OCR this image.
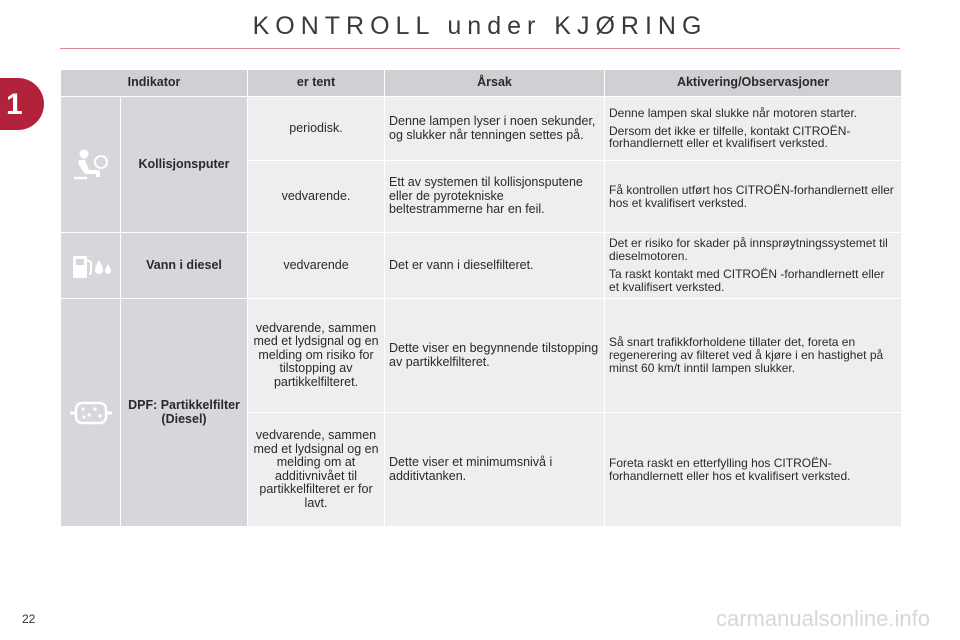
KONTROLL under KJØRING
1
Indikator		er tent	Årsak	Aktivering/Observasjoner

	Kollisjonsputer	periodisk.	Denne lampen lyser i noen sekunder, og slukker når tenningen settes på.	Denne lampen skal slukke når motoren starter.

Dersom det ikke er tilfelle, kontakt CITROËN-forhandlernett eller et kvalifisert verksted.

		vedvarende.	Ett av systemen til kollisjonsputene eller de pyrotekniske beltestrammerne har en feil.	Få kontrollen utført hos CITROËN-forhandlernett eller hos et kvalifisert verksted.

	Vann i diesel	vedvarende	Det er vann i dieselfilteret.	Det er risiko for skader på innsprøytningssystemet til dieselmotoren.

Ta raskt kontakt med CITROËN -forhandlernett eller et kvalifisert verksted.

	DPF: Partikkelfilter (Diesel)	vedvarende, sammen med et lydsignal og en melding om risiko for tilstopping av partikkelfilteret.	Dette viser en begynnende tilstopping av partikkelfilteret.	Så snart trafikkforholdene tillater det, foreta en regenerering av filteret ved å kjøre i en hastighet på minst 60 km/t inntil lampen slukker.

		vedvarende, sammen med et lydsignal og en melding om at additivnivået til partikkelfilteret er for lavt.	Dette viser et minimumsnivå i additivtanken.	Foreta raskt en etterfylling hos CITROËN-forhandlernett eller hos et kvalifisert verksted.

22	carmanualsonline.info
